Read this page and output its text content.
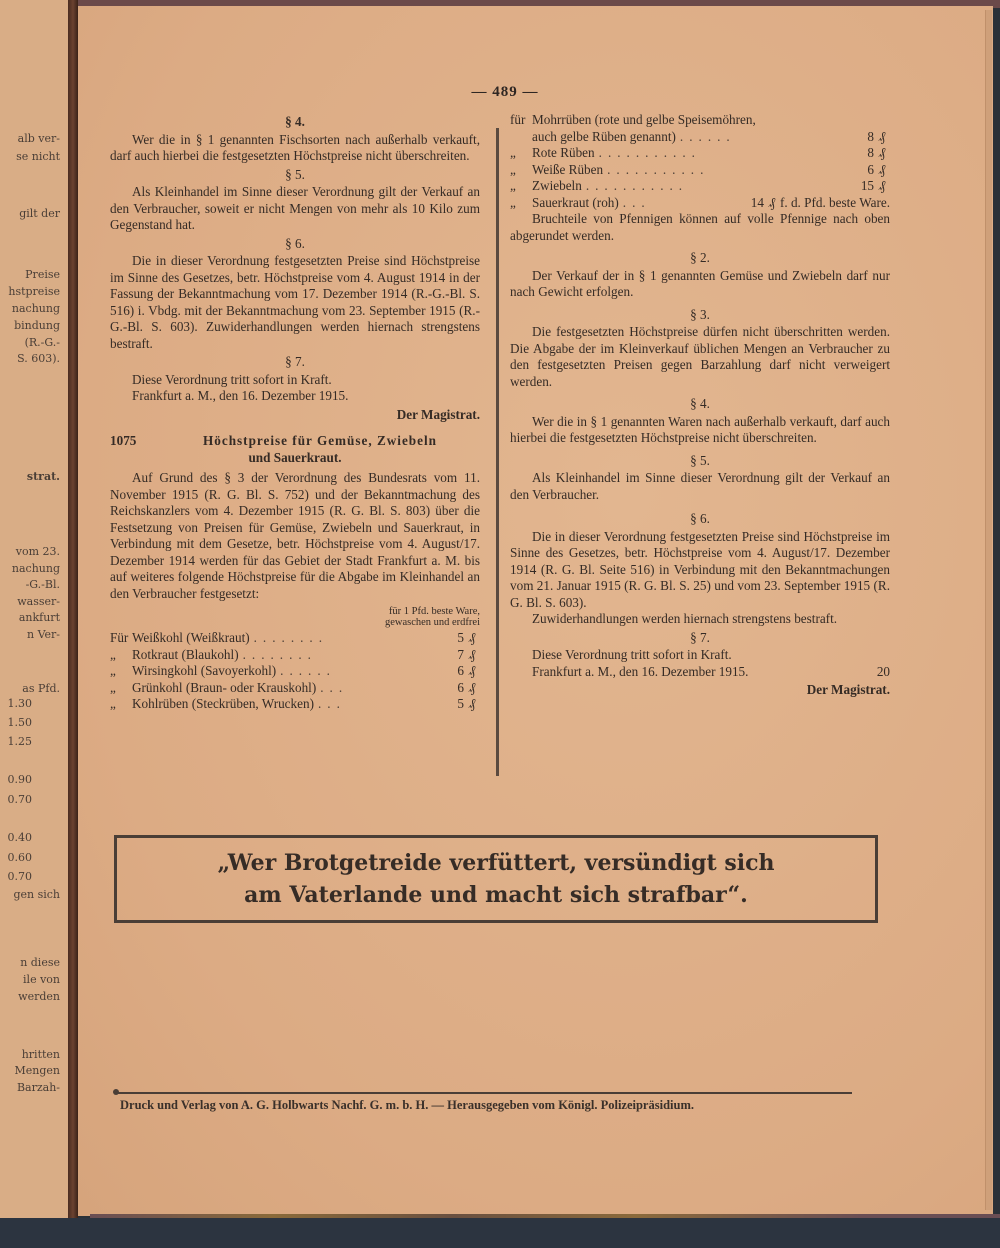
alb ver-
se nicht
gilt der
Preise
hstpreise
nachung
bindung
(R.-G.-
S. 603).
strat.
vom 23.
nachung
-G.-Bl.
wasser-
ankfurt
n Ver-
as Pfd.
1.30
1.50
1.25
0.90
0.70
0.40
0.60
0.70
gen sich
n diese
ile von
werden
hritten
Mengen
Barzah-
— 489 —
§ 4.

Wer die in § 1 genannten Fischsorten nach außerhalb verkauft, darf auch hierbei die festgesetzten Höchstpreise nicht überschreiten.

§ 5.

Als Kleinhandel im Sinne dieser Verordnung gilt der Verkauf an den Verbraucher, soweit er nicht Mengen von mehr als 10 Kilo zum Gegenstand hat.

§ 6.

Die in dieser Verordnung festgesetzten Preise sind Höchstpreise im Sinne des Gesetzes, betr. Höchstpreise vom 4. August 1914 in der Fassung der Bekanntmachung vom 17. Dezember 1914 (R.-G.-Bl. S. 516) i. Vbdg. mit der Bekanntmachung vom 23. September 1915 (R.-G.-Bl. S. 603). Zuwiderhandlungen werden hiernach strengstens bestraft.

§ 7.

Diese Verordnung tritt sofort in Kraft.

Frankfurt a. M., den 16. Dezember 1915.

Der Magistrat.
1075	Höchstpreise für Gemüse, Zwiebeln
und Sauerkraut.

Auf Grund des § 3 der Verordnung des Bundesrats vom 11. November 1915 (R. G. Bl. S. 752) und der Bekanntmachung des Reichskanzlers vom 4. Dezember 1915 (R. G. Bl. S. 803) über die Festsetzung von Preisen für Gemüse, Zwiebeln und Sauerkraut, in Verbindung mit dem Gesetze, betr. Höchstpreise vom 4. August/17. Dezember 1914 werden für das Gebiet der Stadt Frankfurt a. M. bis auf weiteres folgende Höchstpreise für die Abgabe im Kleinhandel an den Verbraucher festgesetzt:

für 1 Pfd. beste Ware,
gewaschen und erdfrei
Für Weißkohl (Weißkraut) ........	5 ₰
„	Rotkraut (Blaukohl) ........	7 ₰
„	Wirsingkohl (Savoyerkohl) ......	6 ₰
„	Grünkohl (Braun- oder Krauskohl) ...	6 ₰
„	Kohlrüben (Steckrüben, Wrucken) ...	5 ₰
für Mohrrüben (rote und gelbe Speisemöhren,
auch gelbe Rüben genannt) ......	8 ₰
„	Rote Rüben ...........	8 ₰
„	Weiße Rüben ...........	6 ₰
„	Zwiebeln ...........	15 ₰
„	Sauerkraut (roh) ...	14 ₰ f. d. Pfd. beste Ware.

Bruchteile von Pfennigen können auf volle Pfennige nach oben abgerundet werden.

§ 2.

Der Verkauf der in § 1 genannten Gemüse und Zwiebeln darf nur nach Gewicht erfolgen.

§ 3.

Die festgesetzten Höchstpreise dürfen nicht überschritten werden. Die Abgabe der im Kleinverkauf üblichen Mengen an Verbraucher zu den festgesetzten Preisen gegen Barzahlung darf nicht verweigert werden.

§ 4.

Wer die in § 1 genannten Waren nach außerhalb verkauft, darf auch hierbei die festgesetzten Höchstpreise nicht überschreiten.

§ 5.

Als Kleinhandel im Sinne dieser Verordnung gilt der Verkauf an den Verbraucher.

§ 6.

Die in dieser Verordnung festgesetzten Preise sind Höchstpreise im Sinne des Gesetzes, betr. Höchstpreise vom 4. August/17. Dezember 1914 (R. G. Bl. Seite 516) in Verbindung mit den Bekanntmachungen vom 21. Januar 1915 (R. G. Bl. S. 25) und vom 23. September 1915 (R. G. Bl. S. 603).

Zuwiderhandlungen werden hiernach strengstens bestraft.

§ 7.

Diese Verordnung tritt sofort in Kraft.

Frankfurt a. M., den 16. Dezember 1915.	20
Der Magistrat.
„Wer Brotgetreide verfüttert, versündigt sich
am Vaterlande und macht sich strafbar“.
Druck und Verlag von A. G. Holbwarts Nachf. G. m. b. H. — Herausgegeben vom Königl. Polizeipräsidium.
